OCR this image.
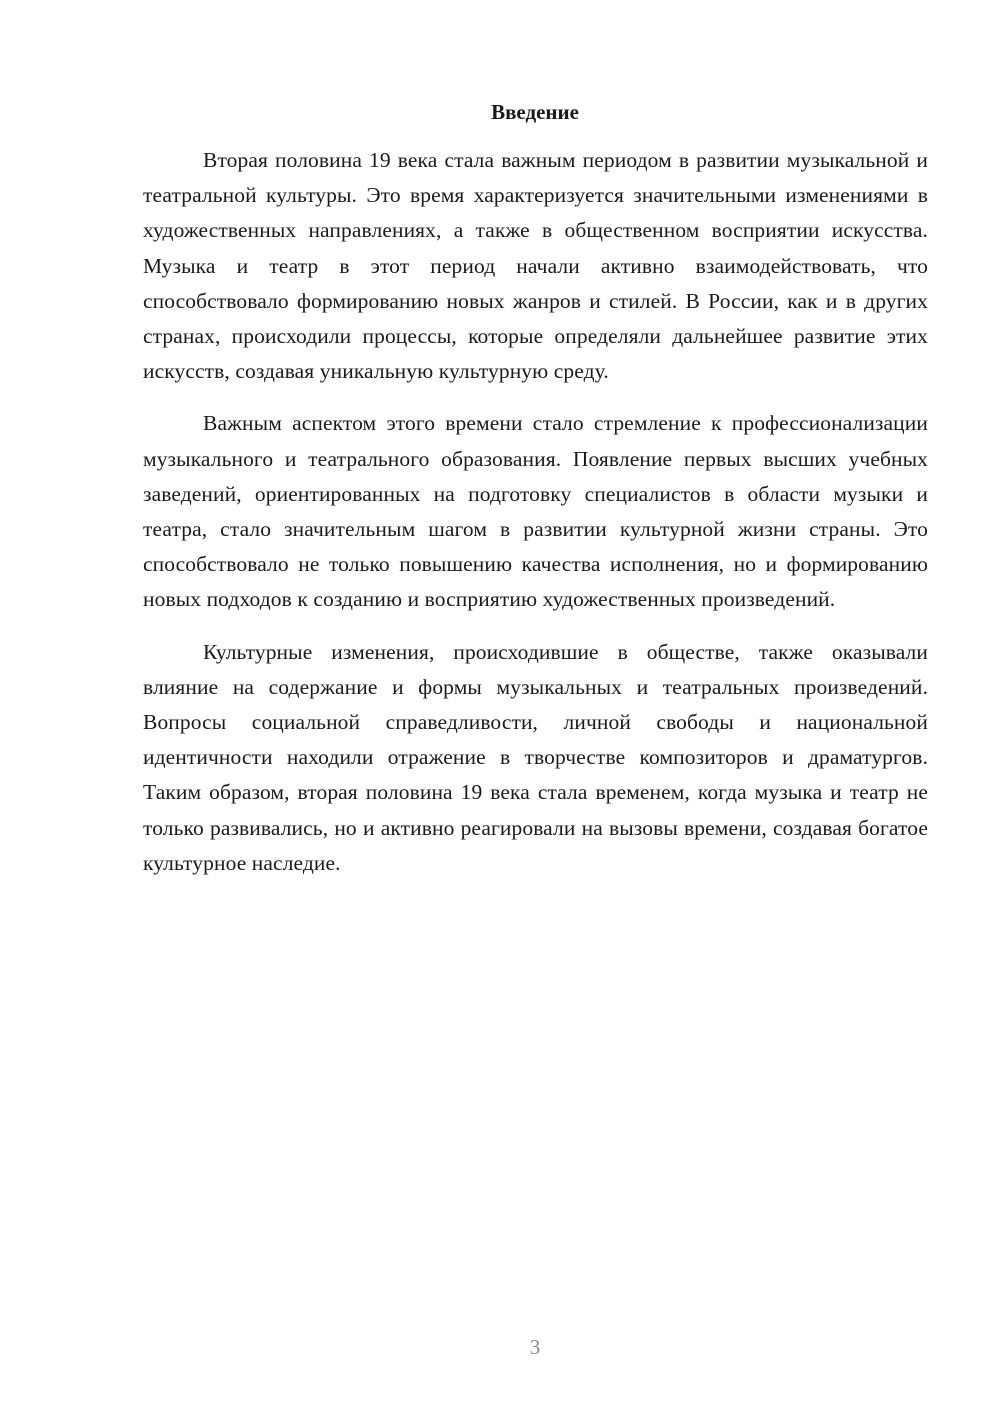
Введение

Вторая половина 19 века стала важным периодом в развитии музыкальной и театральной культуры. Это время характеризуется значительными изменениями в художественных направлениях, а также в общественном восприятии искусства. Музыка и театр в этот период начали активно взаимодействовать, что способствовало формированию новых жанров и стилей. В России, как и в других странах, происходили процессы, которые определяли дальнейшее развитие этих искусств, создавая уникальную культурную среду.

Важным аспектом этого времени стало стремление к профессионализации музыкального и театрального образования. Появление первых высших учебных заведений, ориентированных на подготовку специалистов в области музыки и театра, стало значительным шагом в развитии культурной жизни страны. Это способствовало не только повышению качества исполнения, но и формированию новых подходов к созданию и восприятию художественных произведений.

Культурные изменения, происходившие в обществе, также оказывали влияние на содержание и формы музыкальных и театральных произведений. Вопросы социальной справедливости, личной свободы и национальной идентичности находили отражение в творчестве композиторов и драматургов. Таким образом, вторая половина 19 века стала временем, когда музыка и театр не только развивались, но и активно реагировали на вызовы времени, создавая богатое культурное наследие.

3
